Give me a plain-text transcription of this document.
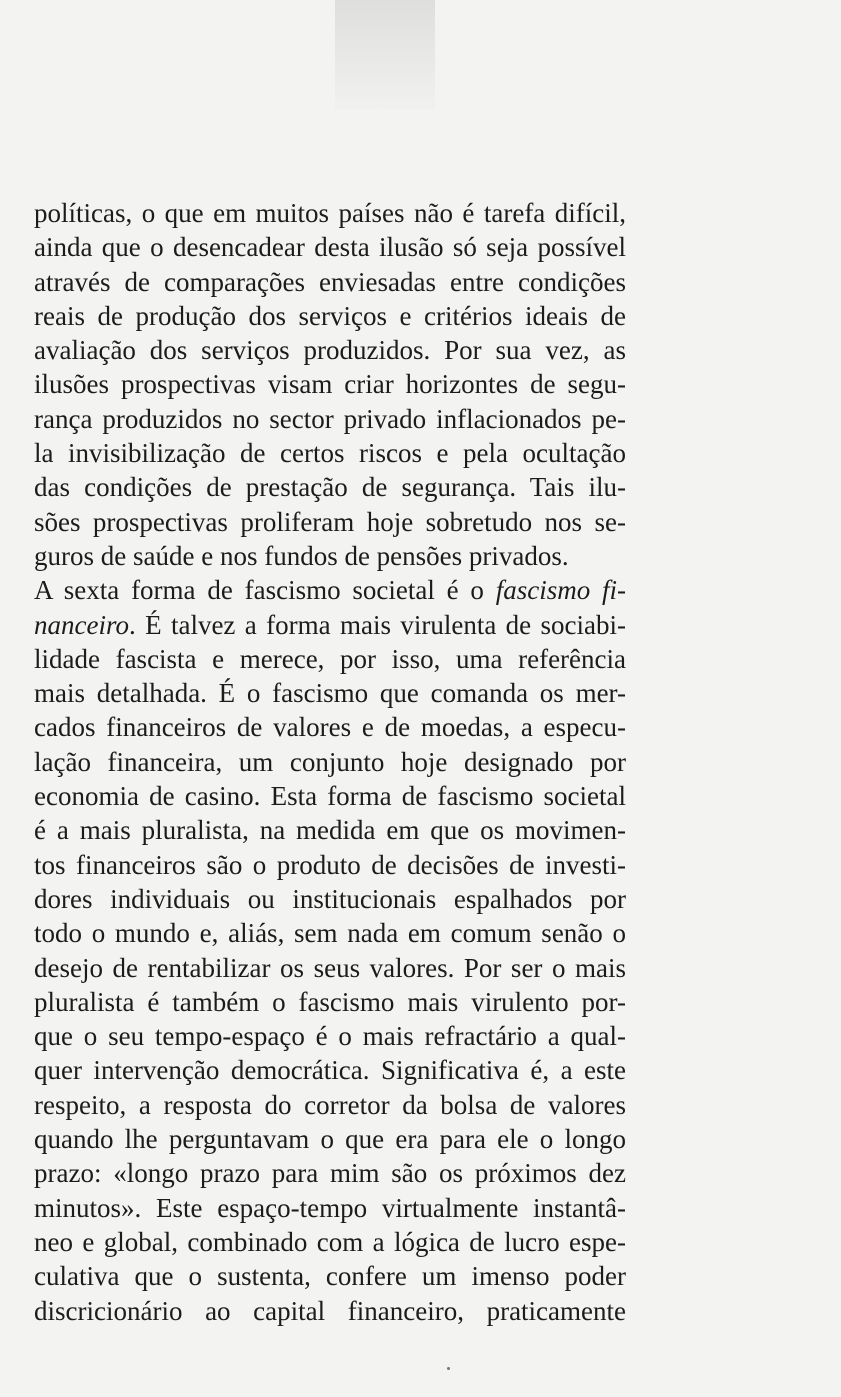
políticas, o que em muitos países não é tarefa difícil,
ainda que o desencadear desta ilusão só seja possível
através de comparações enviesadas entre condições
reais de produção dos serviços e critérios ideais de
avaliação dos serviços produzidos. Por sua vez, as
ilusões prospectivas visam criar horizontes de segu-
rança produzidos no sector privado inflacionados pe-
la invisibilização de certos riscos e pela ocultação
das condições de prestação de segurança. Tais ilu-
sões prospectivas proliferam hoje sobretudo nos se-
guros de saúde e nos fundos de pensões privados.
A sexta forma de fascismo societal é o fascismo fi-
nanceiro. É talvez a forma mais virulenta de sociabi-
lidade fascista e merece, por isso, uma referência
mais detalhada. É o fascismo que comanda os mer-
cados financeiros de valores e de moedas, a especu-
lação financeira, um conjunto hoje designado por
economia de casino. Esta forma de fascismo societal
é a mais pluralista, na medida em que os movimen-
tos financeiros são o produto de decisões de investi-
dores individuais ou institucionais espalhados por
todo o mundo e, aliás, sem nada em comum senão o
desejo de rentabilizar os seus valores. Por ser o mais
pluralista é também o fascismo mais virulento por-
que o seu tempo-espaço é o mais refractário a qual-
quer intervenção democrática. Significativa é, a este
respeito, a resposta do corretor da bolsa de valores
quando lhe perguntavam o que era para ele o longo
prazo: «longo prazo para mim são os próximos dez
minutos». Este espaço-tempo virtualmente instantâ-
neo e global, combinado com a lógica de lucro espe-
culativa que o sustenta, confere um imenso poder
discricionário ao capital financeiro, praticamente
